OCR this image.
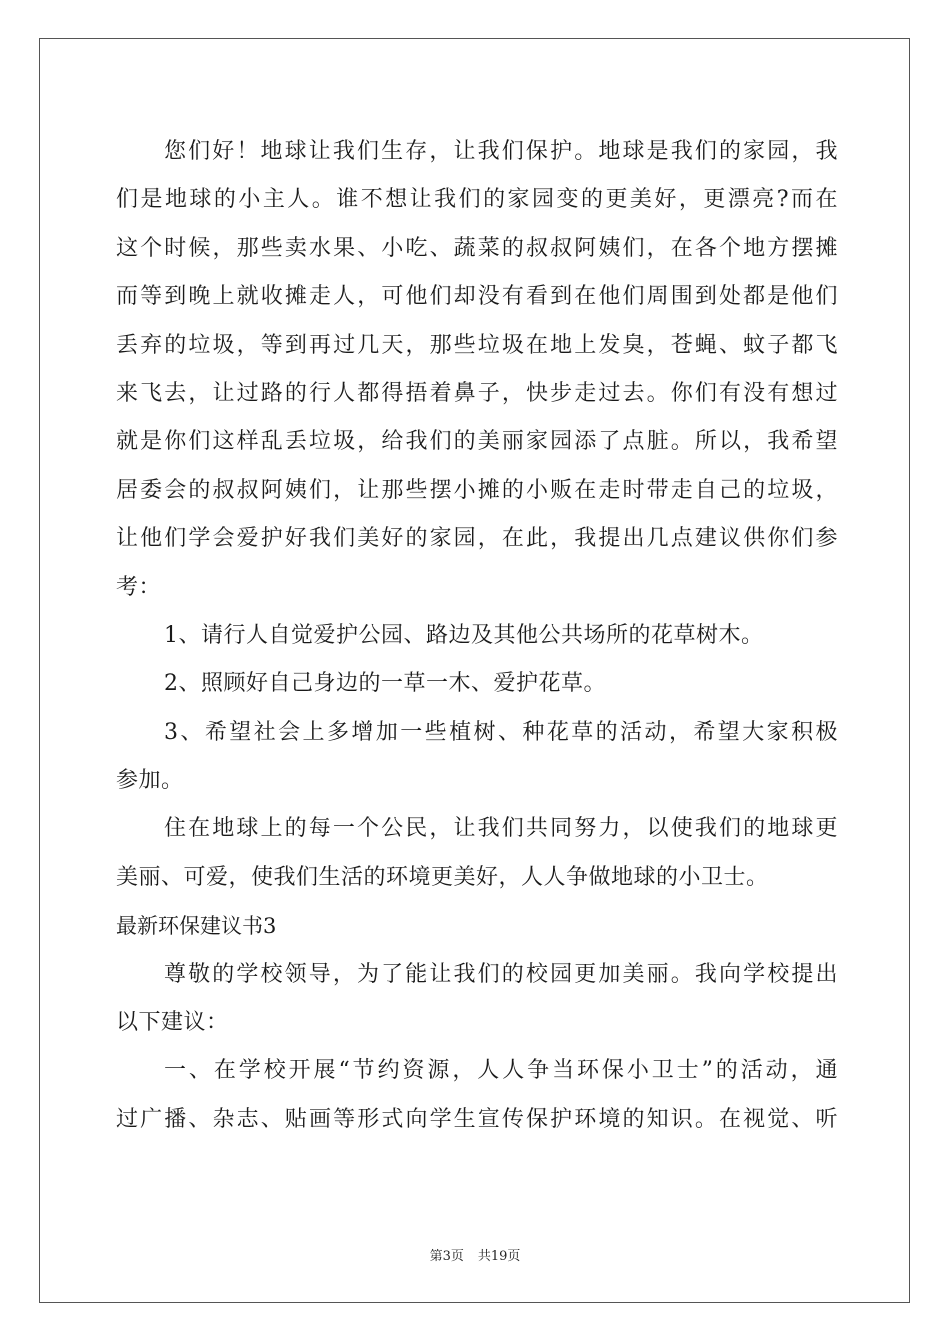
您们好！地球让我们生存，让我们保护。地球是我们的家园，我
们是地球的小主人。谁不想让我们的家园变的更美好，更漂亮?而在
这个时候，那些卖水果、小吃、蔬菜的叔叔阿姨们，在各个地方摆摊
而等到晚上就收摊走人，可他们却没有看到在他们周围到处都是他们
丢弃的垃圾，等到再过几天，那些垃圾在地上发臭，苍蝇、蚊子都飞
来飞去，让过路的行人都得捂着鼻子，快步走过去。你们有没有想过
就是你们这样乱丢垃圾，给我们的美丽家园添了点脏。所以，我希望
居委会的叔叔阿姨们，让那些摆小摊的小贩在走时带走自己的垃圾，
让他们学会爱护好我们美好的家园，在此，我提出几点建议供你们参
考：
1、请行人自觉爱护公园、路边及其他公共场所的花草树木。
2、照顾好自己身边的一草一木、爱护花草。
3、希望社会上多增加一些植树、种花草的活动，希望大家积极
参加。
住在地球上的每一个公民，让我们共同努力，以使我们的地球更
美丽、可爱，使我们生活的环境更美好，人人争做地球的小卫士。
最新环保建议书3
尊敬的学校领导，为了能让我们的校园更加美丽。我向学校提出
以下建议：
一、在学校开展“节约资源，人人争当环保小卫士”的活动，通
过广播、杂志、贴画等形式向学生宣传保护环境的知识。在视觉、听
第3页 共19页
